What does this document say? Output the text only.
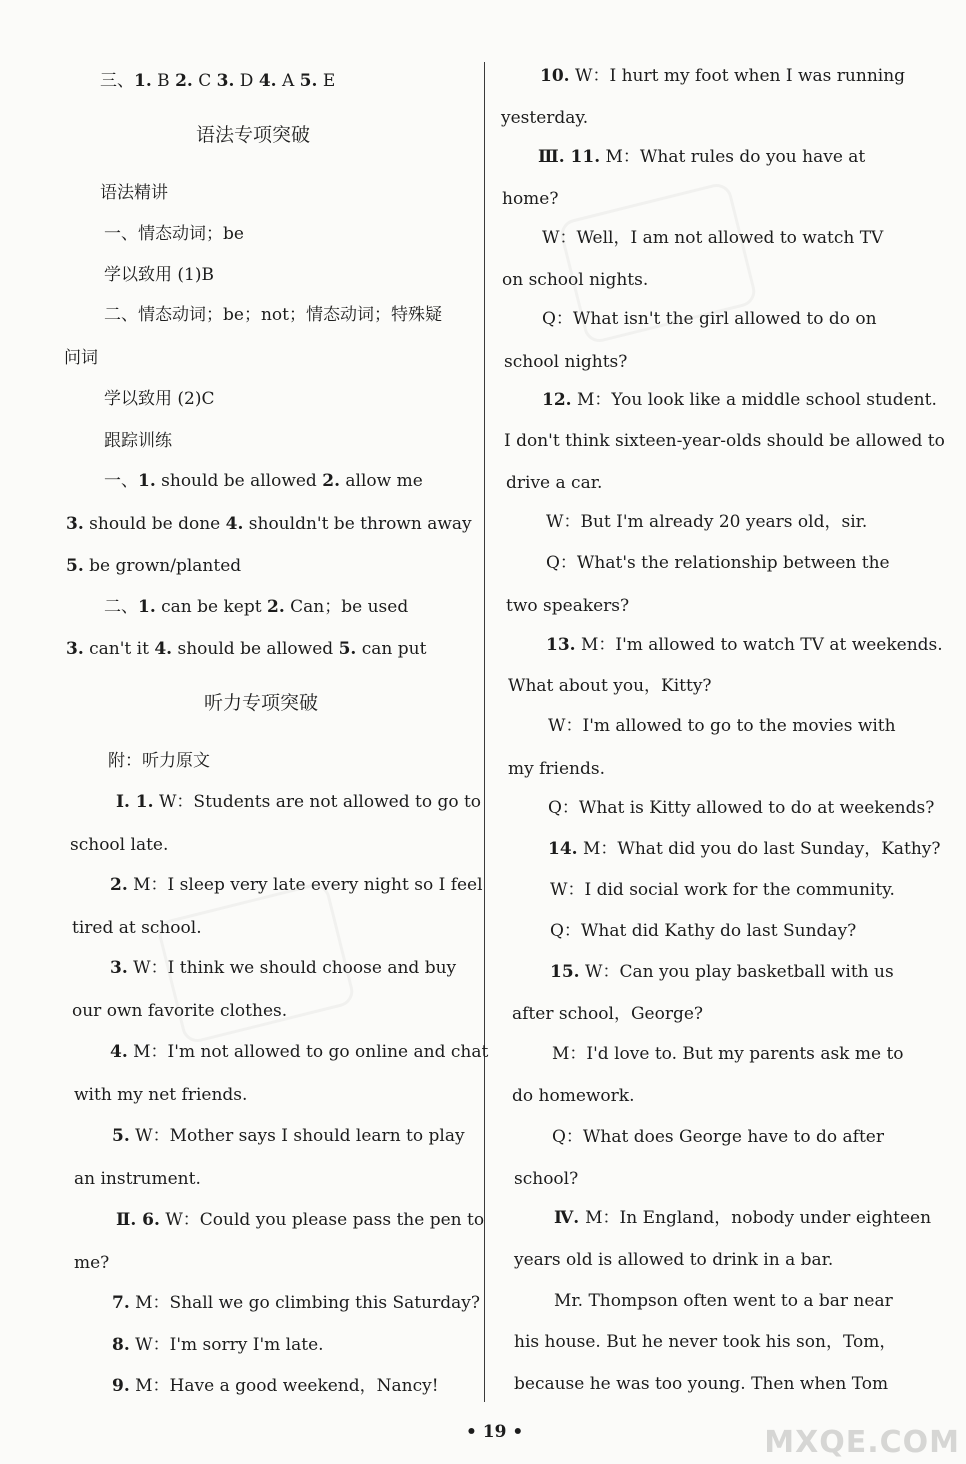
三、1. B 2. C 3. D 4. A 5. E
语法专项突破
语法精讲
一、情态动词；be
学以致用 (1)B
二、情态动词；be；not；情态动词；特殊疑
问词
学以致用 (2)C
跟踪训练
一、1. should be allowed 2. allow me
3. should be done 4. shouldn't be thrown away
5. be grown/planted
二、1. can be kept 2. Can；be used
3. can't it 4. should be allowed 5. can put
听力专项突破
附：听力原文
Ⅰ. 1. W：Students are not allowed to go to
school late.
2. M：I sleep very late every night so I feel
tired at school.
3. W：I think we should choose and buy
our own favorite clothes.
4. M：I'm not allowed to go online and chat
with my net friends.
5. W：Mother says I should learn to play
an instrument.
Ⅱ. 6. W：Could you please pass the pen to
me?
7. M：Shall we go climbing this Saturday?
8. W：I'm sorry I'm late.
9. M：Have a good weekend，Nancy!
10. W：I hurt my foot when I was running
yesterday.
Ⅲ. 11. M：What rules do you have at
home?
W：Well，I am not allowed to watch TV
on school nights.
Q：What isn't the girl allowed to do on
school nights?
12. M：You look like a middle school student.
I don't think sixteen-year-olds should be allowed to
drive a car.
W：But I'm already 20 years old，sir.
Q：What's the relationship between the
two speakers?
13. M：I'm allowed to watch TV at weekends.
What about you，Kitty?
W：I'm allowed to go to the movies with
my friends.
Q：What is Kitty allowed to do at weekends?
14. M：What did you do last Sunday，Kathy?
W：I did social work for the community.
Q：What did Kathy do last Sunday?
15. W：Can you play basketball with us
after school，George?
M：I'd love to. But my parents ask me to
do homework.
Q：What does George have to do after
school?
Ⅳ. M：In England，nobody under eighteen
years old is allowed to drink in a bar.
Mr. Thompson often went to a bar near
his house. But he never took his son，Tom，
because he was too young. Then when Tom
• 19 •	MXQE.COM
